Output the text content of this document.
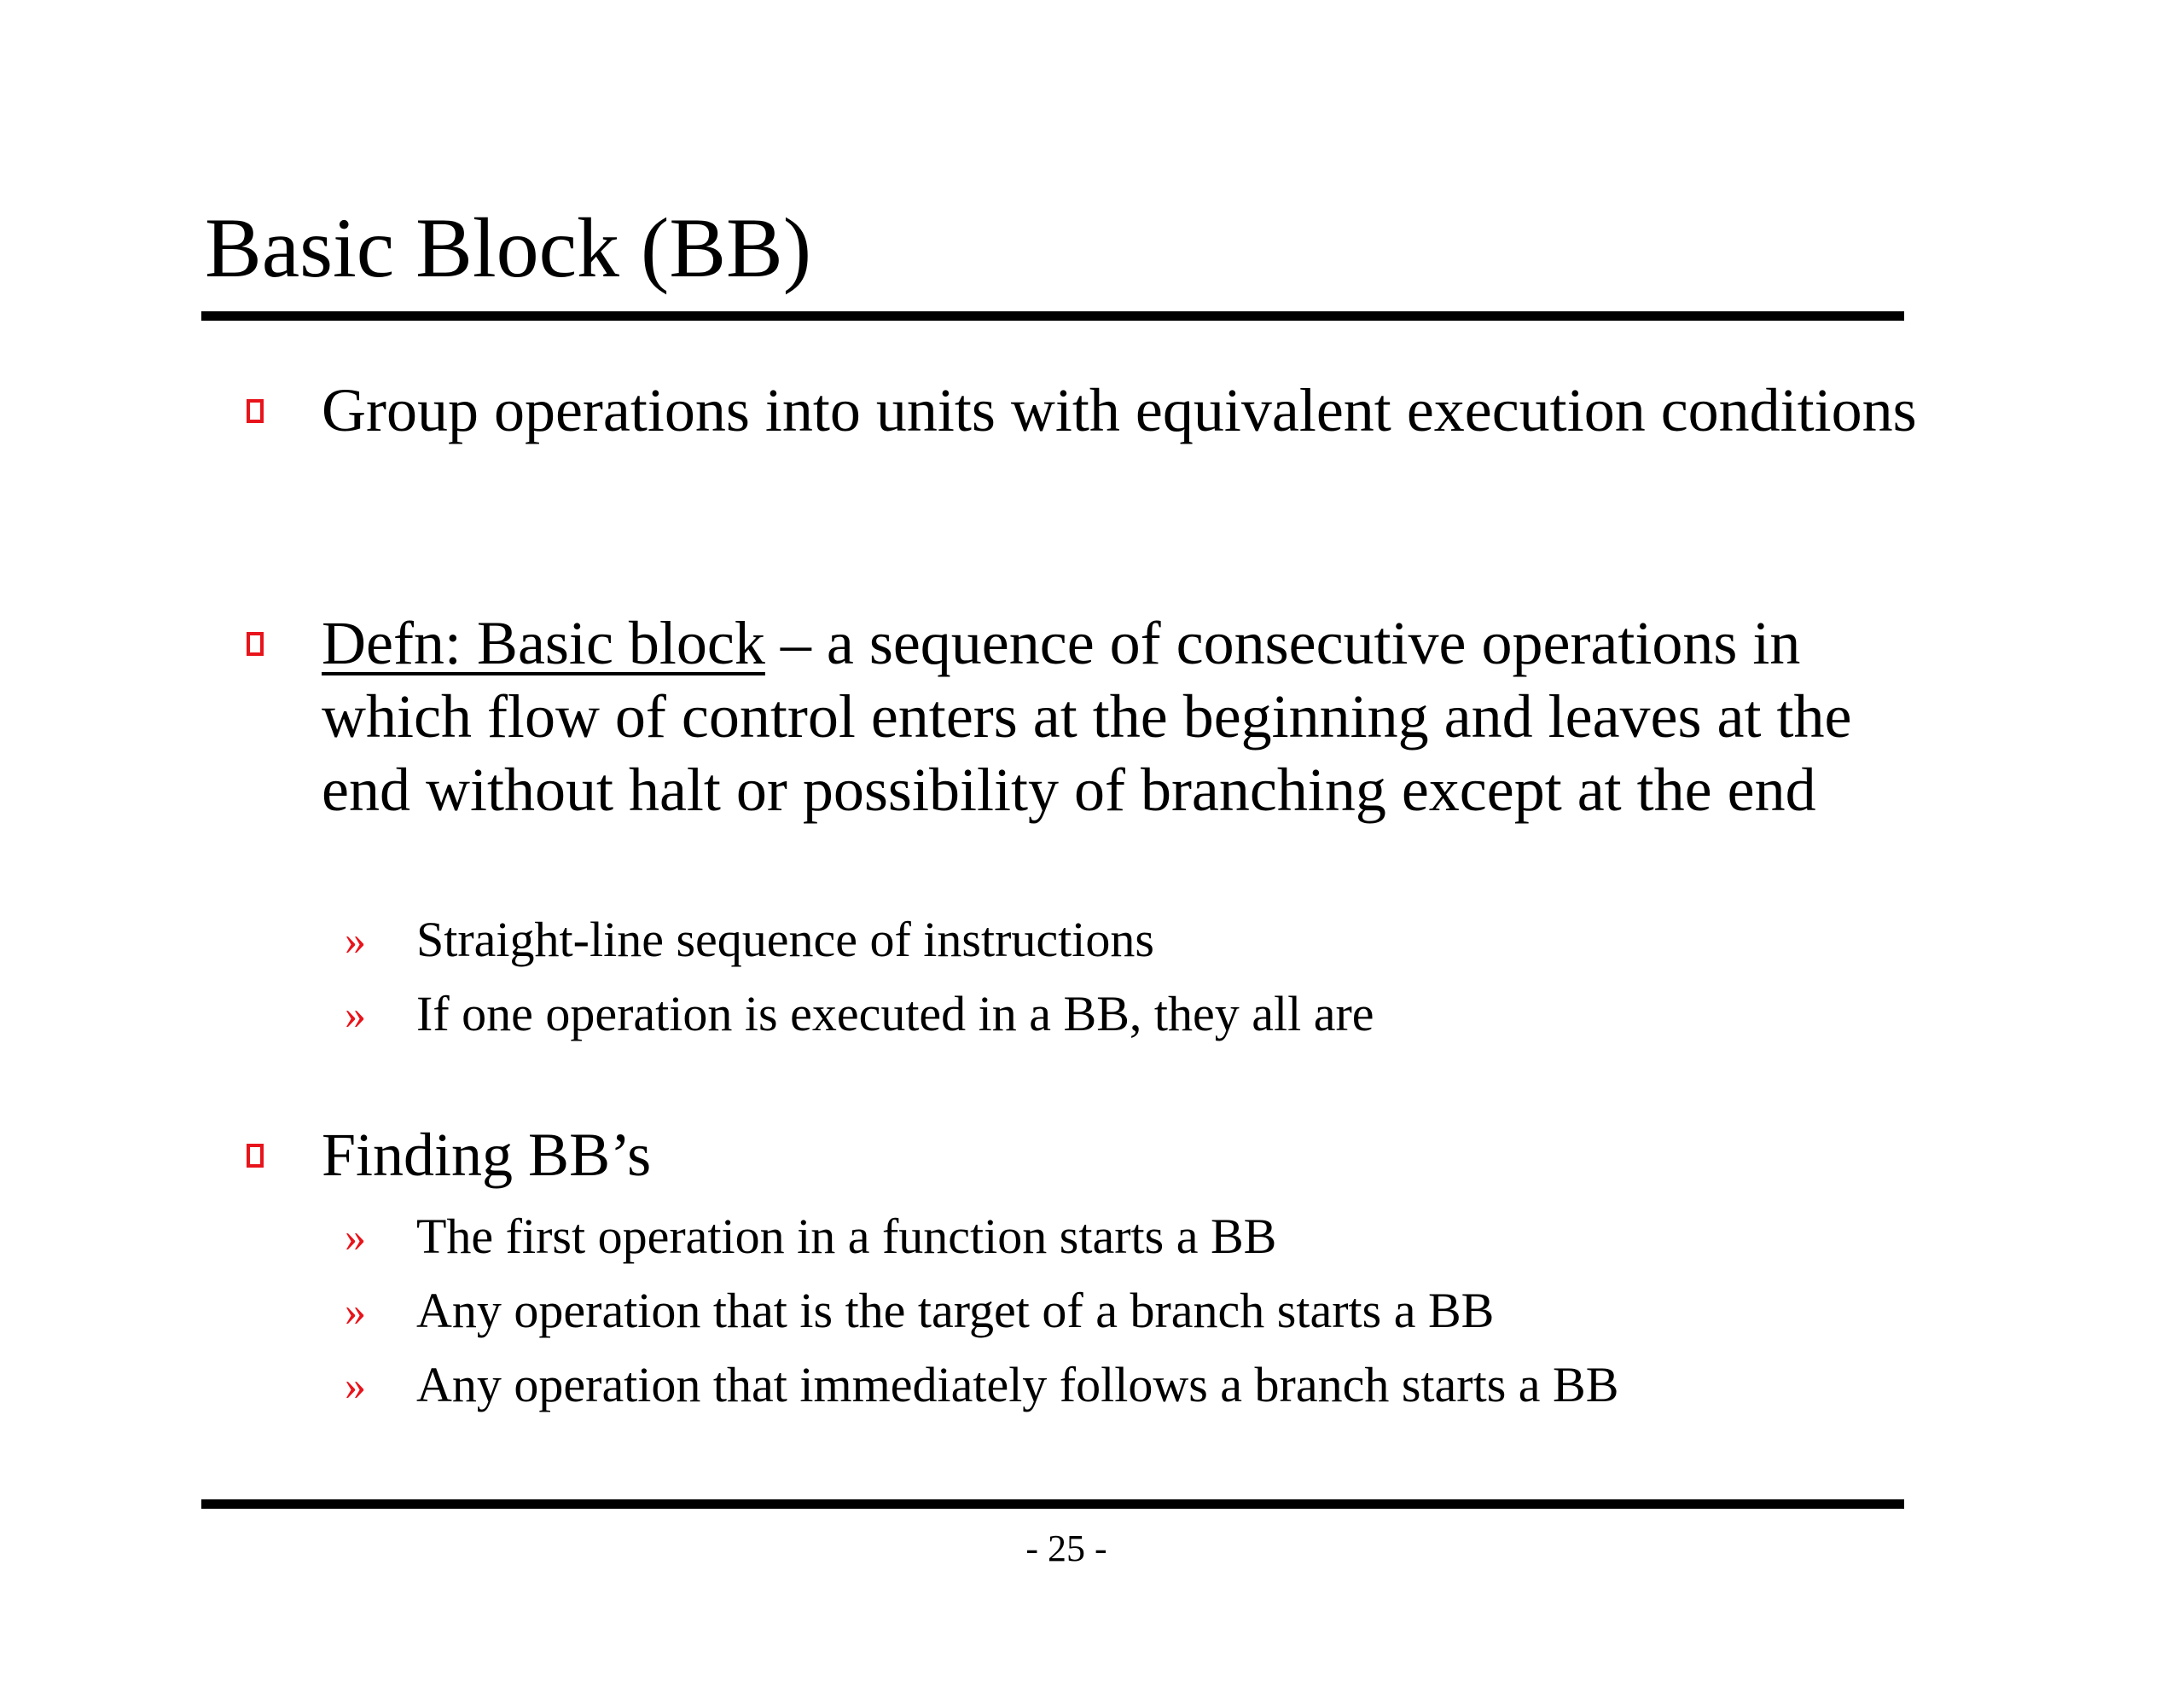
Basic Block (BB)
Group operations into units with equivalent execution conditions
Defn: Basic block – a sequence of consecutive operations in which flow of control enters at the beginning and leaves at the end without halt or possibility of branching except at the end
» Straight-line sequence of instructions
» If one operation is executed in a BB, they all are
Finding BB’s
» The first operation in a function starts a BB
» Any operation that is the target of a branch starts a BB
» Any operation that immediately follows a branch starts a BB
- 25 -
